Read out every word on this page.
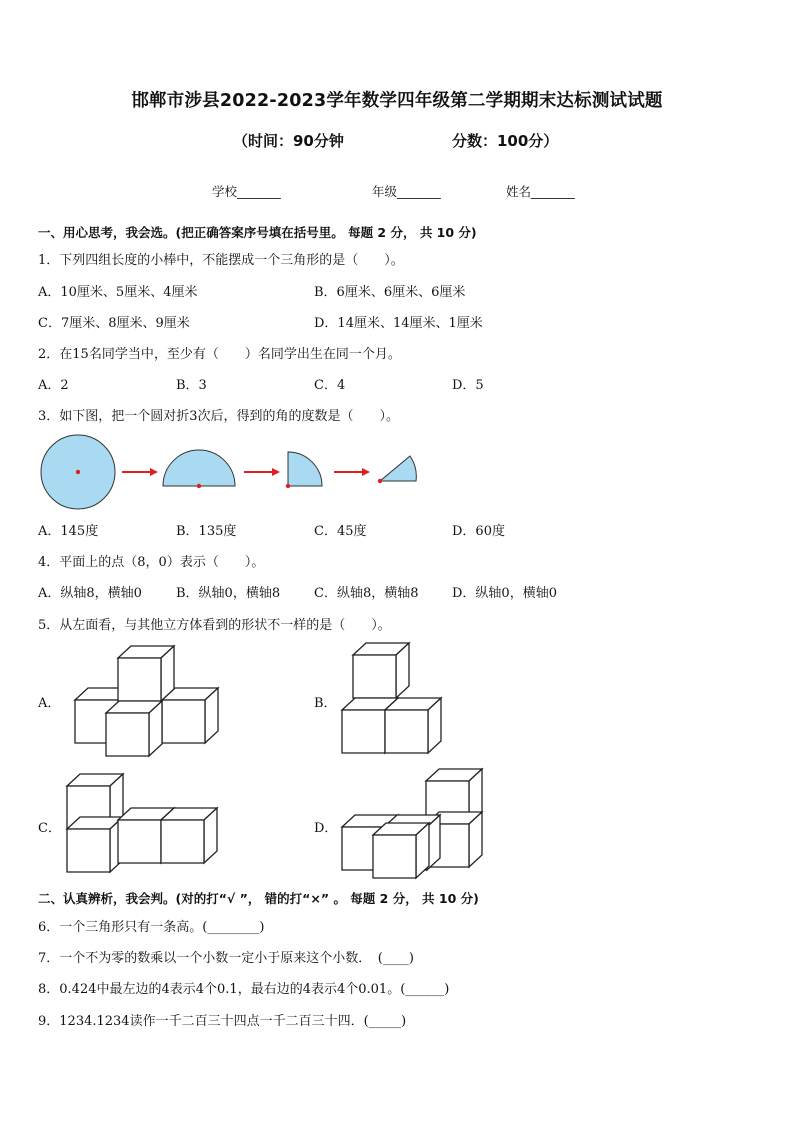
邯郸市涉县2022-2023学年数学四年级第二学期期末达标测试试题
（时间：90分钟	分数：100分）
学校_______	年级_______	姓名_______
一、用心思考，我会选。(把正确答案序号填在括号里。 每题 2 分， 共 10 分)
1．下列四组长度的小棒中，不能摆成一个三角形的是（　　）。
A．10厘米、5厘米、4厘米	B．6厘米、6厘米、6厘米
C．7厘米、8厘米、9厘米	D．14厘米、14厘米、1厘米
2．在15名同学当中，至少有（　　）名同学出生在同一个月。
A．2	B．3	C．4	D．5
3．如下图，把一个圆对折3次后，得到的角的度数是（　　）。
A．145度	B．135度	C．45度	D．60度
4．平面上的点（8，0）表示（　　）。
A．纵轴8，横轴0	B．纵轴0，横轴8	C．纵轴8，横轴8	D．纵轴0，横轴0
5．从左面看，与其他立方体看到的形状不一样的是（　　）。
A．	B．
C．	D．
二、认真辨析，我会判。(对的打“√ ”， 错的打“×” 。 每题 2 分， 共 10 分)
6．一个三角形只有一条高。(________)
7．一个不为零的数乘以一个小数一定小于原来这个小数．　(____)
8．0.424中最左边的4表示4个0.1，最右边的4表示4个0.01。(______)
9．1234.1234读作一千二百三十四点一千二百三十四．(_____)
